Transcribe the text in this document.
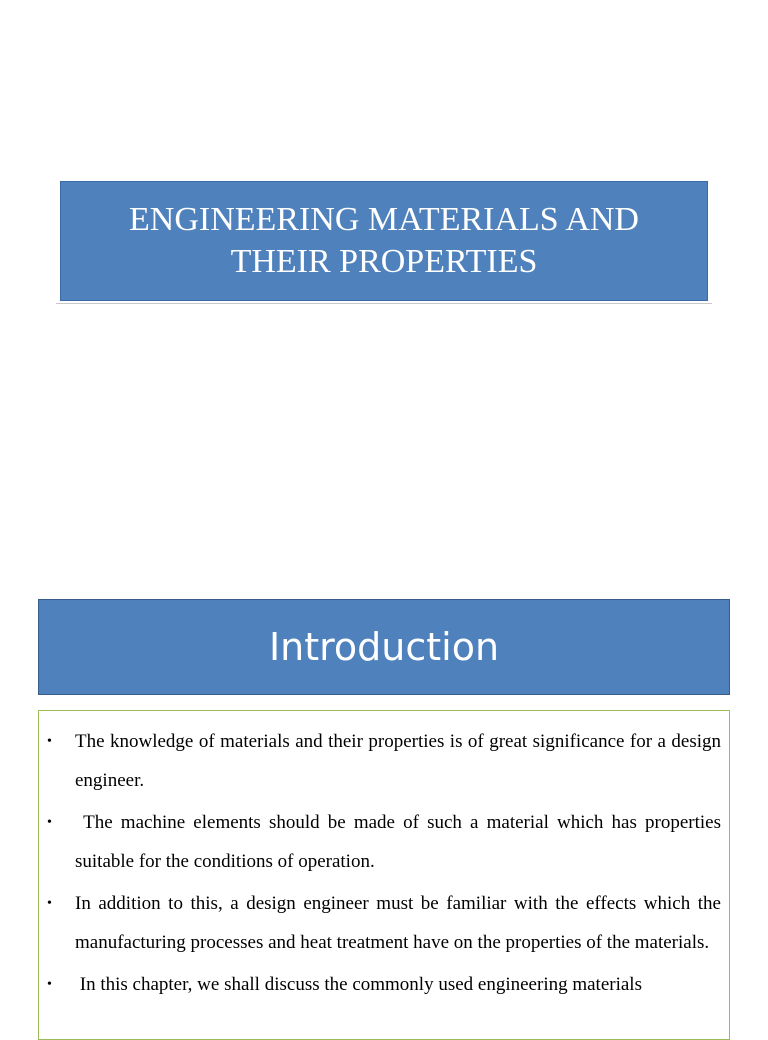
ENGINEERING MATERIALS AND
THEIR PROPERTIES
Introduction
• The knowledge of materials and their properties is of great significance for a design engineer.
• The machine elements should be made of such a material which has properties suitable for the conditions of operation.
• In addition to this, a design engineer must be familiar with the effects which the manufacturing processes and heat treatment have on the properties of the materials.
• In this chapter, we shall discuss the commonly used engineering materials
